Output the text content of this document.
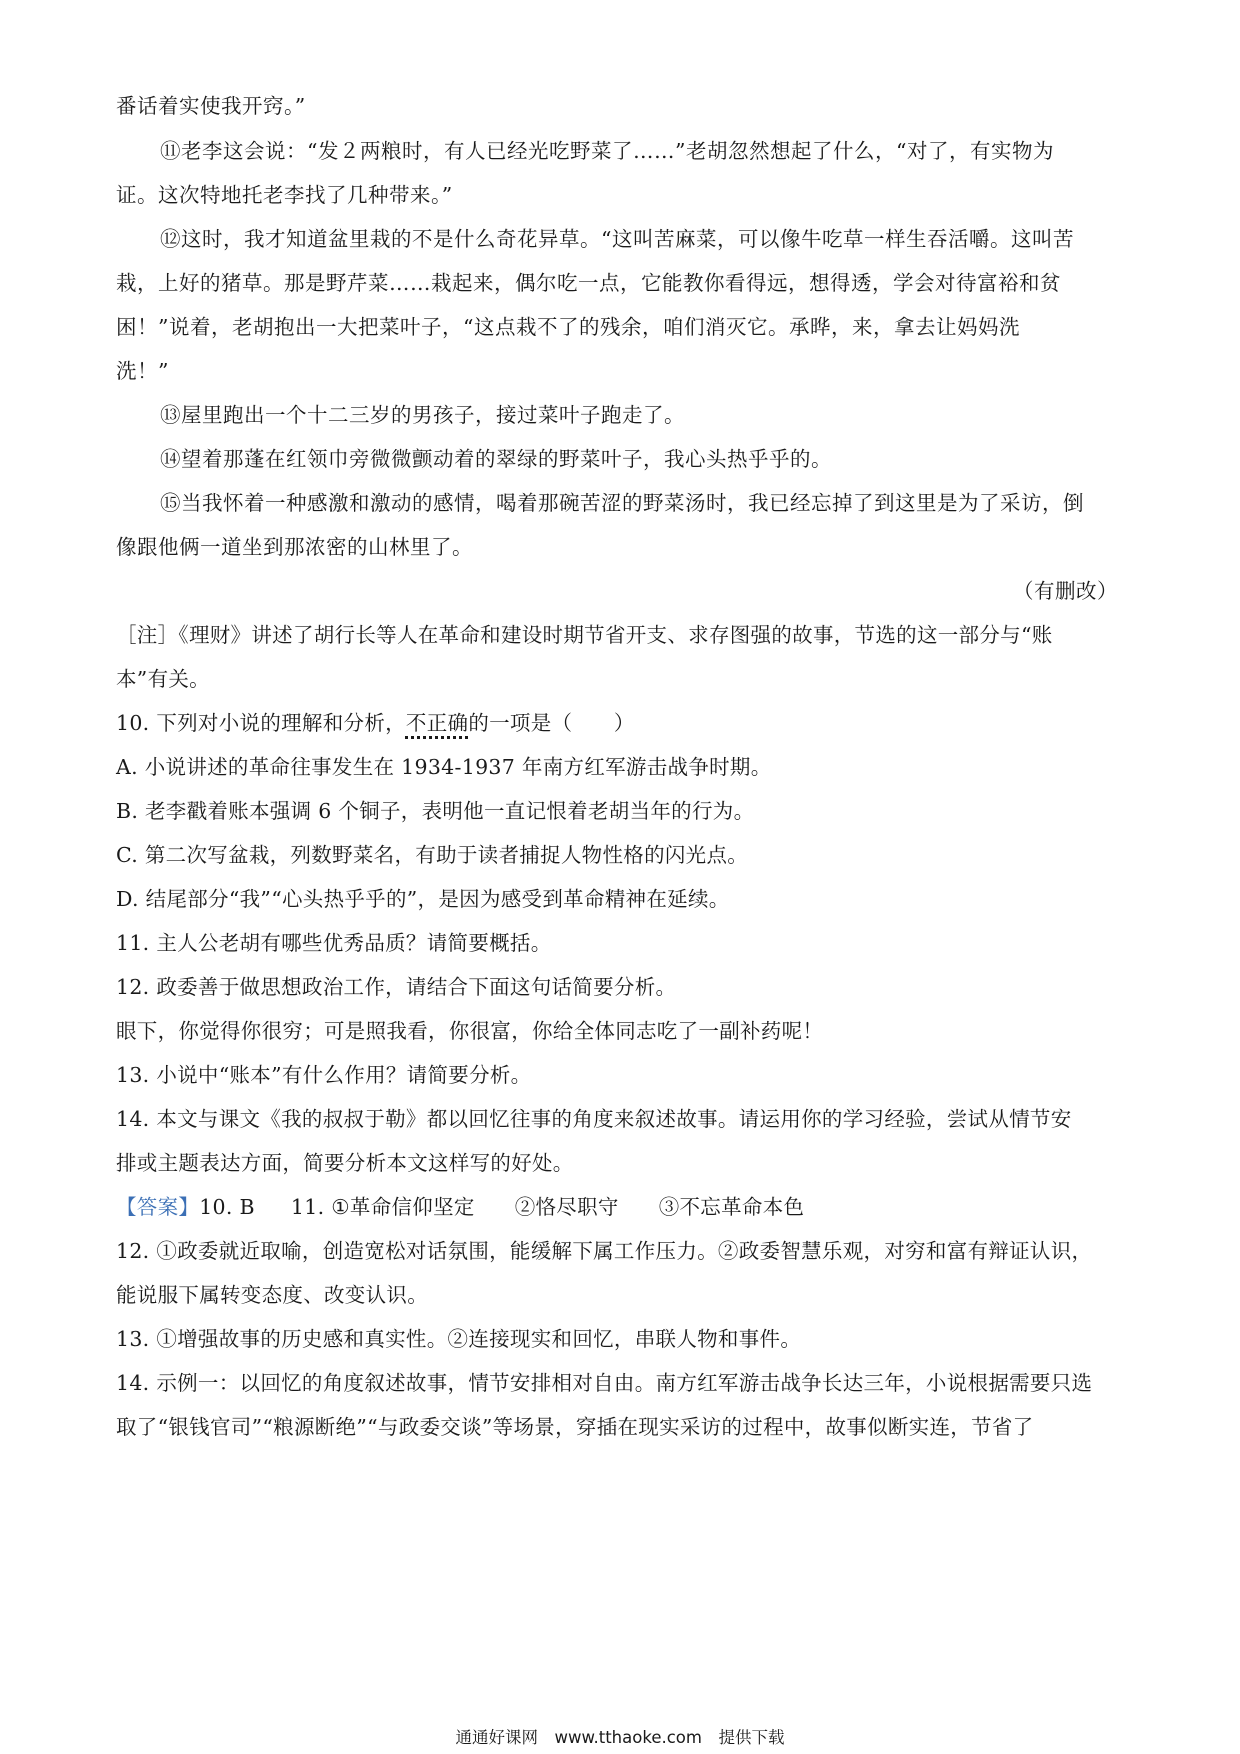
番话着实使我开窍。”
⑪老李这会说：“发２两粮时，有人已经光吃野菜了……”老胡忽然想起了什么，“对了，有实物为
证。这次特地托老李找了几种带来。”
⑫这时，我才知道盆里栽的不是什么奇花异草。“这叫苦麻菜，可以像牛吃草一样生吞活嚼。这叫苦
栽，上好的猪草。那是野芹菜……栽起来，偶尔吃一点，它能教你看得远，想得透，学会对待富裕和贫
困！”说着，老胡抱出一大把菜叶子，“这点栽不了的残余，咱们消灭它。承晔，来，拿去让妈妈洗
洗！”
⑬屋里跑出一个十二三岁的男孩子，接过菜叶子跑走了。
⑭望着那蓬在红领巾旁微微颤动着的翠绿的野菜叶子，我心头热乎乎的。
⑮当我怀着一种感激和激动的感情，喝着那碗苦涩的野菜汤时，我已经忘掉了到这里是为了采访，倒
像跟他俩一道坐到那浓密的山林里了。
（有删改）
［注］《理财》讲述了胡行长等人在革命和建设时期节省开支、求存图强的故事，节选的这一部分与“账
本”有关。
10. 下列对小说的理解和分析，不正确的一项是（　　）
A. 小说讲述的革命往事发生在 1934-1937 年南方红军游击战争时期。
B. 老李戳着账本强调 6 个铜子，表明他一直记恨着老胡当年的行为。
C. 第二次写盆栽，列数野菜名，有助于读者捕捉人物性格的闪光点。
D. 结尾部分“我”“心头热乎乎的”，是因为感受到革命精神在延续。
11. 主人公老胡有哪些优秀品质？请简要概括。
12. 政委善于做思想政治工作，请结合下面这句话简要分析。
眼下，你觉得你很穷；可是照我看，你很富，你给全体同志吃了一副补药呢！
13. 小说中“账本”有什么作用？请简要分析。
14. 本文与课文《我的叔叔于勒》都以回忆往事的角度来叙述故事。请运用你的学习经验，尝试从情节安
排或主题表达方面，简要分析本文这样写的好处。
【答案】10. B 11. ①革命信仰坚定 ②恪尽职守 ③不忘革命本色
12. ①政委就近取喻，创造宽松对话氛围，能缓解下属工作压力。②政委智慧乐观，对穷和富有辩证认识，
能说服下属转变态度、改变认识。
13. ①增强故事的历史感和真实性。②连接现实和回忆，串联人物和事件。
14. 示例一：以回忆的角度叙述故事，情节安排相对自由。南方红军游击战争长达三年，小说根据需要只选
取了“银钱官司”“粮源断绝”“与政委交谈”等场景，穿插在现实采访的过程中，故事似断实连，节省了
通通好课网　www.tthaoke.com　提供下载
